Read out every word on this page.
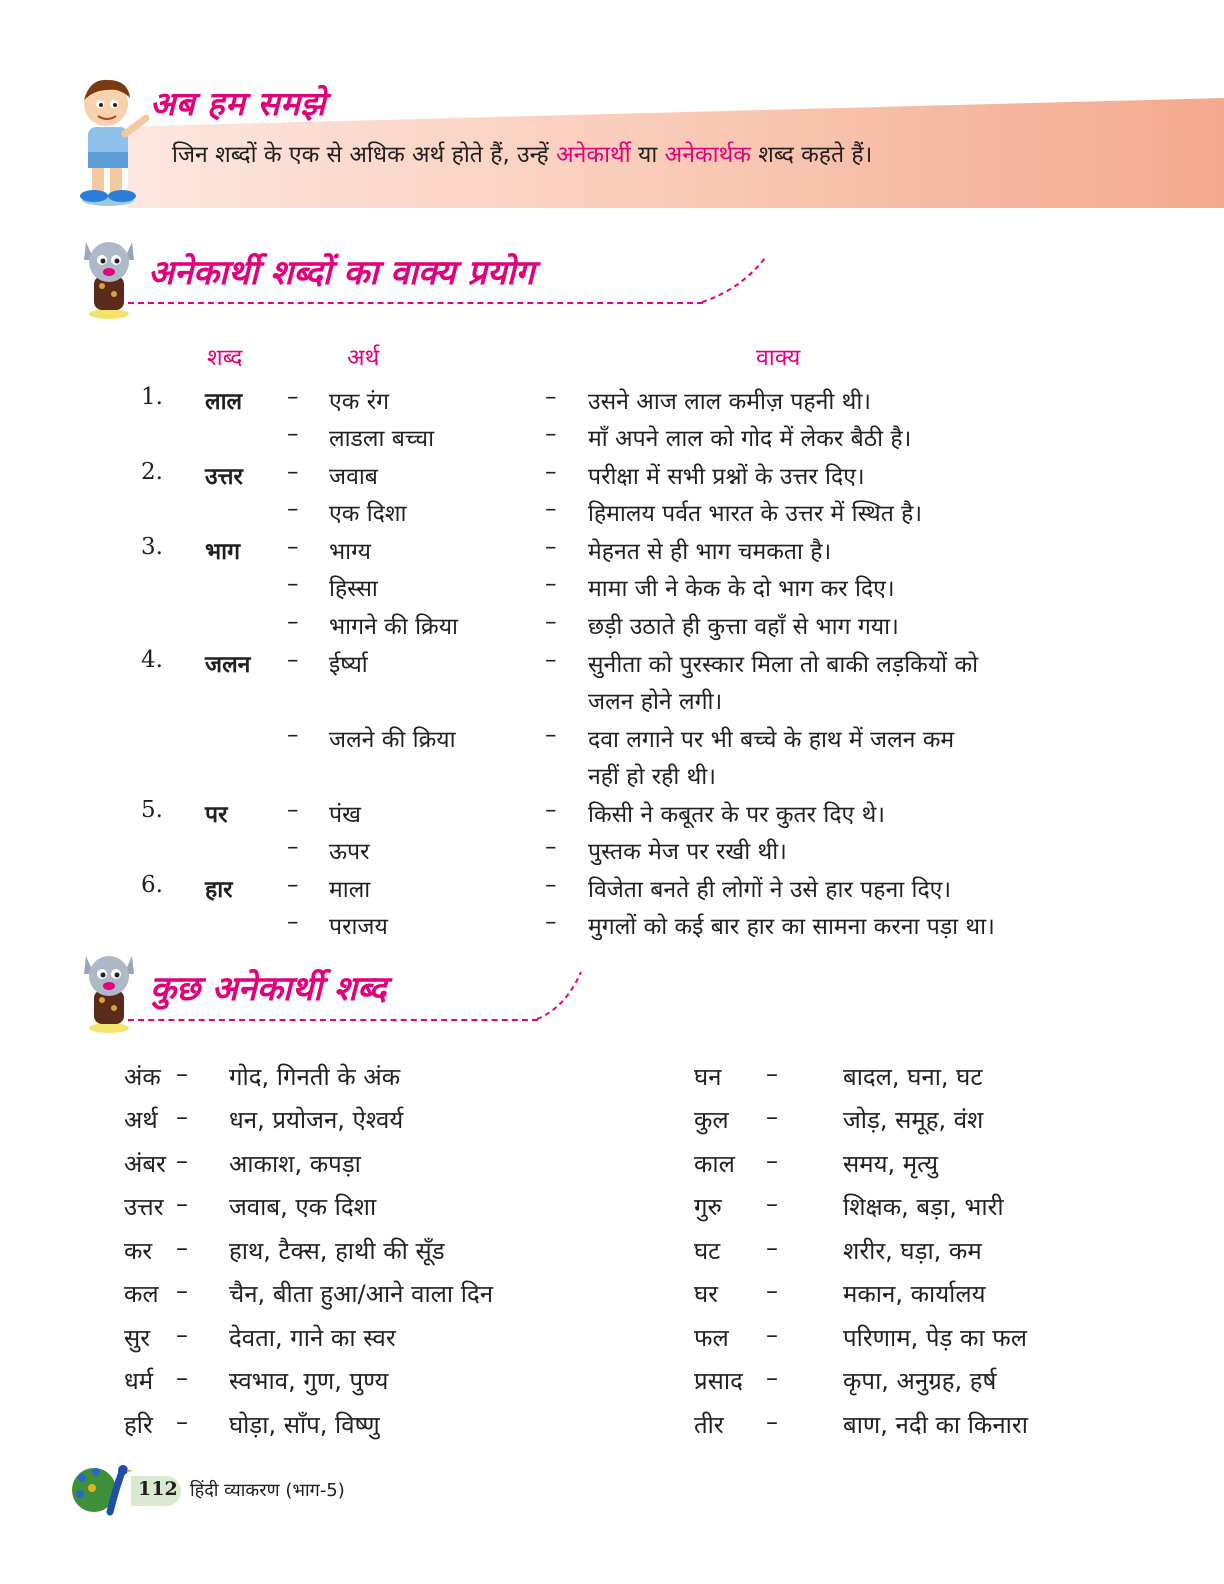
अब हम समझे
जिन शब्दों के एक से अधिक अर्थ होते हैं, उन्हें अनेकार्थी या अनेकार्थक शब्द कहते हैं।
अनेकार्थी शब्दों का वाक्य प्रयोग
शब्द	अर्थ	वाक्य
1. लाल – एक रंग	– उसने आज लाल कमीज़ पहनी थी।
– लाडला बच्चा	– माँ अपने लाल को गोद में लेकर बैठी है।
2. उत्तर – जवाब	– परीक्षा में सभी प्रश्नों के उत्तर दिए।
– एक दिशा	– हिमालय पर्वत भारत के उत्तर में स्थित है।
3. भाग – भाग्य	– मेहनत से ही भाग चमकता है।
– हिस्सा	– मामा जी ने केक के दो भाग कर दिए।
– भागने की क्रिया	– छड़ी उठाते ही कुत्ता वहाँ से भाग गया।
4. जलन – ईर्ष्या	– सुनीता को पुरस्कार मिला तो बाकी लड़कियों को
जलन होने लगी।
– जलने की क्रिया	– दवा लगाने पर भी बच्चे के हाथ में जलन कम
नहीं हो रही थी।
5. पर	– पंख	– किसी ने कबूतर के पर कुतर दिए थे।
– ऊपर	– पुस्तक मेज पर रखी थी।
6. हार – माला	– विजेता बनते ही लोगों ने उसे हार पहना दिए।
– पराजय	– मुगलों को कई बार हार का सामना करना पड़ा था।
कुछ अनेकार्थी शब्द
अंक – गोद, गिनती के अंक
अर्थ – धन, प्रयोजन, ऐश्वर्य
अंबर – आकाश, कपड़ा
उत्तर – जवाब, एक दिशा
कर – हाथ, टैक्स, हाथी की सूँड
कल – चैन, बीता हुआ/आने वाला दिन
सुर – देवता, गाने का स्वर
धर्म – स्वभाव, गुण, पुण्य
हरि – घोड़ा, साँप, विष्णु
घन –	बादल, घना, घट
कुल –	जोड़, समूह, वंश
काल –	समय, मृत्यु
गुरु –	शिक्षक, बड़ा, भारी
घट –	शरीर, घड़ा, कम
घर –	मकान, कार्यालय
फल –	परिणाम, पेड़ का फल
प्रसाद –	कृपा, अनुग्रह, हर्ष
तीर –	बाण, नदी का किनारा
112 हिंदी व्याकरण (भाग-5)
